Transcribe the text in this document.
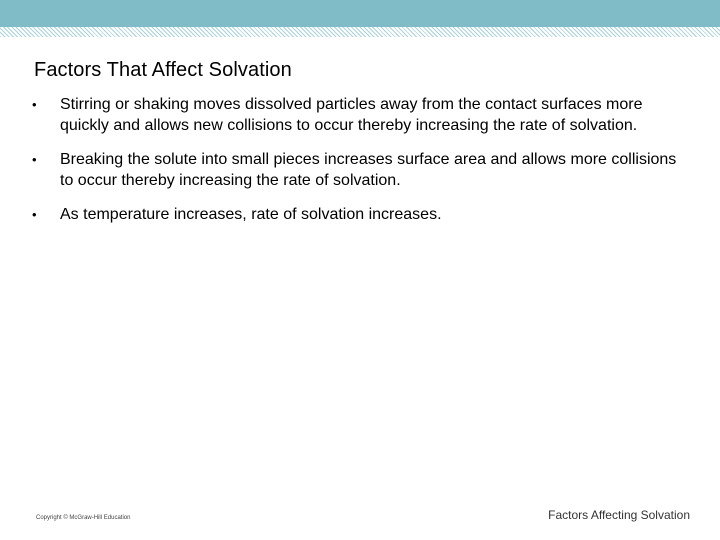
Factors That Affect Solvation
• Stirring or shaking moves dissolved particles away from the contact surfaces more quickly and allows new collisions to occur thereby increasing the rate of solvation.
• Breaking the solute into small pieces increases surface area and allows more collisions to occur thereby increasing the rate of solvation.
• As temperature increases, rate of solvation increases.
Copyright © McGraw-Hill Education	Factors Affecting Solvation
